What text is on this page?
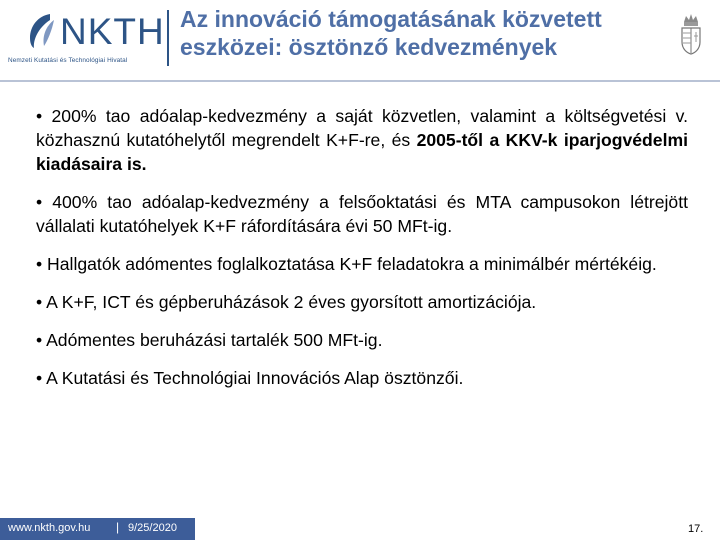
NKTH
Nemzeti Kutatási és Technológiai Hivatal
Az innováció támogatásának közvetett
eszközei: ösztönző kedvezmények

• 200% tao adóalap-kedvezmény a saját közvetlen, valamint a költségvetési v. közhasznú kutatóhelytől megrendelt K+F-re, és 2005-től a KKV-k iparjogvédelmi kiadásaira is.

• 400% tao adóalap-kedvezmény a felsőoktatási és MTA campusokon létrejött vállalati kutatóhelyek K+F ráfordítására évi 50 MFt-ig.

• Hallgatók adómentes foglalkoztatása K+F feladatokra a minimálbér mértékéig.

• A K+F, ICT és gépberuházások 2 éves gyorsított amortizációja.

• Adómentes beruházási tartalék 500 MFt-ig.

• A Kutatási és Technológiai Innovációs Alap ösztönzői.

www.nkth.gov.hu | 9/25/2020	17.
